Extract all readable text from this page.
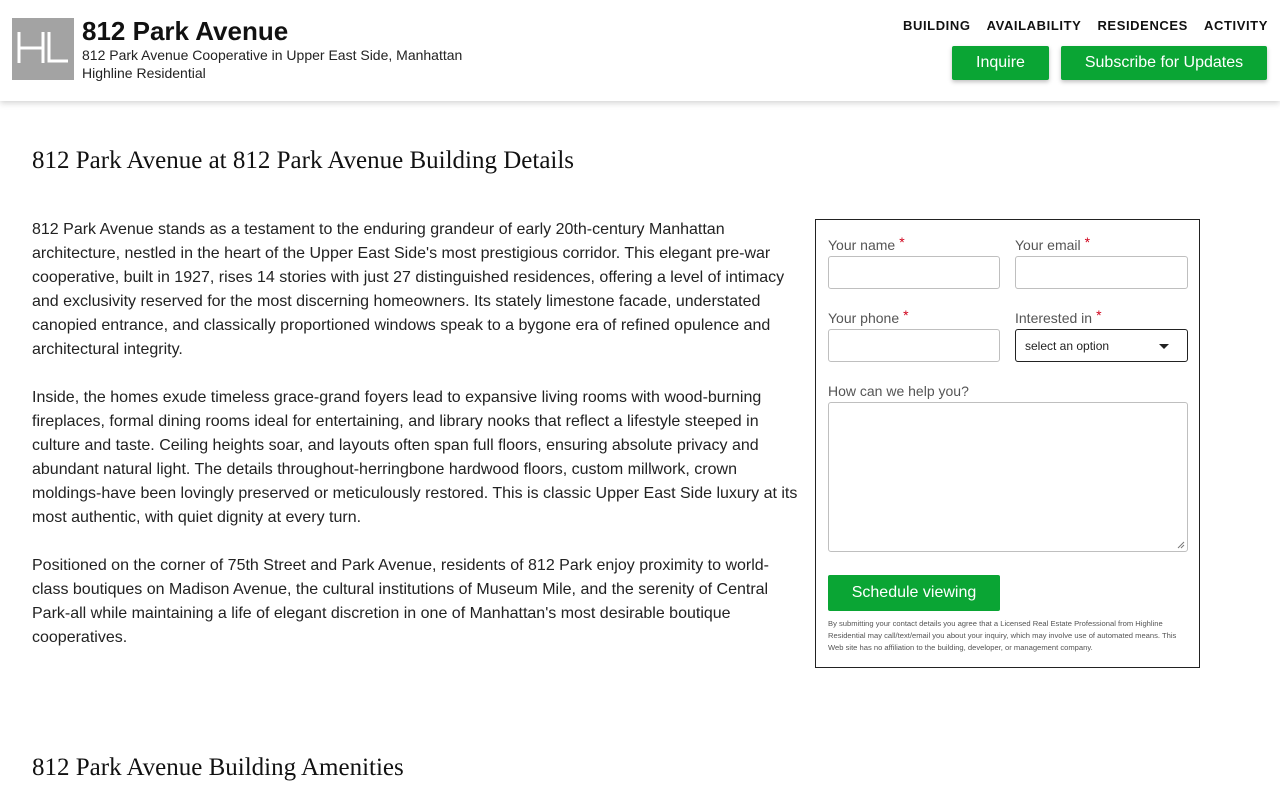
812 Park Avenue
812 Park Avenue Cooperative in Upper East Side, Manhattan
Highline Residential
BUILDING AVAILABILITY RESIDENCES ACTIVITY
Inquire	Subscribe for Updates
812 Park Avenue at 812 Park Avenue Building Details

812 Park Avenue stands as a testament to the enduring grandeur of early 20th-century Manhattan architecture, nestled in the heart of the Upper East Side's most prestigious corridor. This elegant pre-war cooperative, built in 1927, rises 14 stories with just 27 distinguished residences, offering a level of intimacy and exclusivity reserved for the most discerning homeowners. Its stately limestone facade, understated canopied entrance, and classically proportioned windows speak to a bygone era of refined opulence and architectural integrity.

Inside, the homes exude timeless grace-grand foyers lead to expansive living rooms with wood-burning fireplaces, formal dining rooms ideal for entertaining, and library nooks that reflect a lifestyle steeped in culture and taste. Ceiling heights soar, and layouts often span full floors, ensuring absolute privacy and abundant natural light. The details throughout-herringbone hardwood floors, custom millwork, crown moldings-have been lovingly preserved or meticulously restored. This is classic Upper East Side luxury at its most authentic, with quiet dignity at every turn.

Positioned on the corner of 75th Street and Park Avenue, residents of 812 Park enjoy proximity to world-class boutiques on Madison Avenue, the cultural institutions of Museum Mile, and the serenity of Central Park-all while maintaining a life of elegant discretion in one of Manhattan's most desirable boutique cooperatives.

Your name *	Your email *
Your phone *	Interested in *
select an option
How can we help you?
Schedule viewing
By submitting your contact details you agree that a Licensed Real Estate Professional from Highline Residential may call/text/email you about your inquiry, which may involve use of automated means. This Web site has no affiliation to the building, developer, or management company.
812 Park Avenue Building Amenities
